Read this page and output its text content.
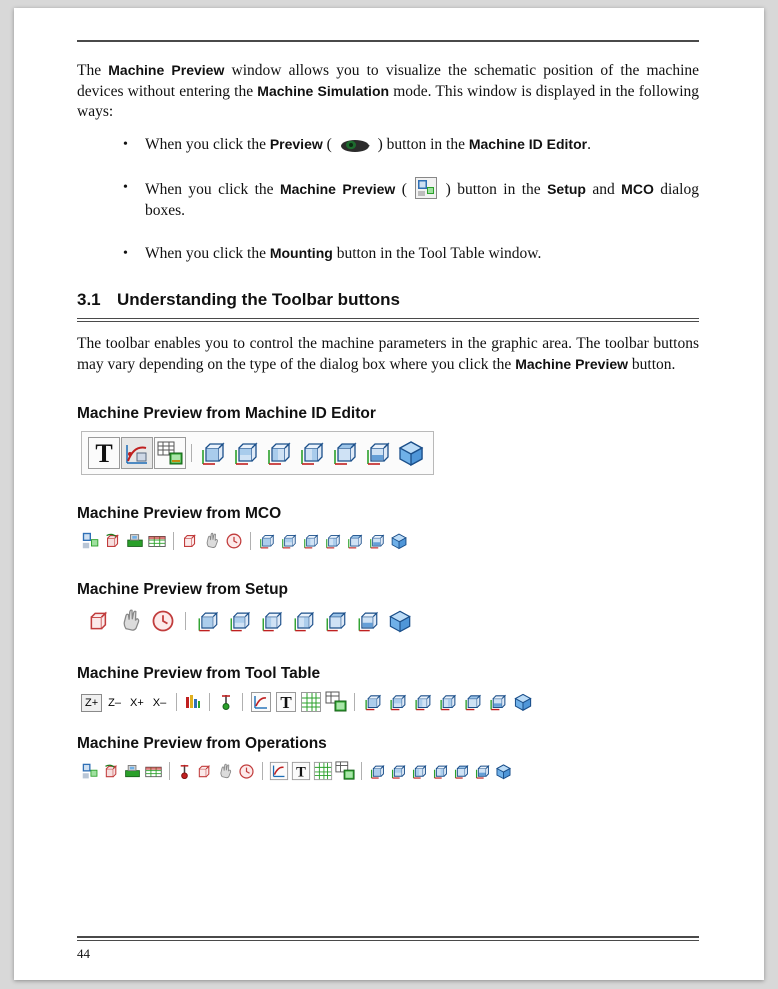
The Machine Preview window allows you to visualize the schematic position of the machine devices without entering the Machine Simulation mode. This window is displayed in the following ways:

• When you click the Preview (
) button in the Machine ID Editor.
• When you click the Machine Preview (
) button in the Setup and MCO dialog boxes.
• When you click the Mounting button in the Tool Table window.
3.1 Understanding the Toolbar buttons

The toolbar enables you to control the machine parameters in the graphic area. The toolbar buttons may vary depending on the type of the dialog box where you click the Machine Preview button.

Machine Preview from Machine ID Editor
T
Machine Preview from MCO
Machine Preview from Setup
Machine Preview from Tool Table
Z+ Z– X+ X–	T
Machine Preview from Operations
T
44
